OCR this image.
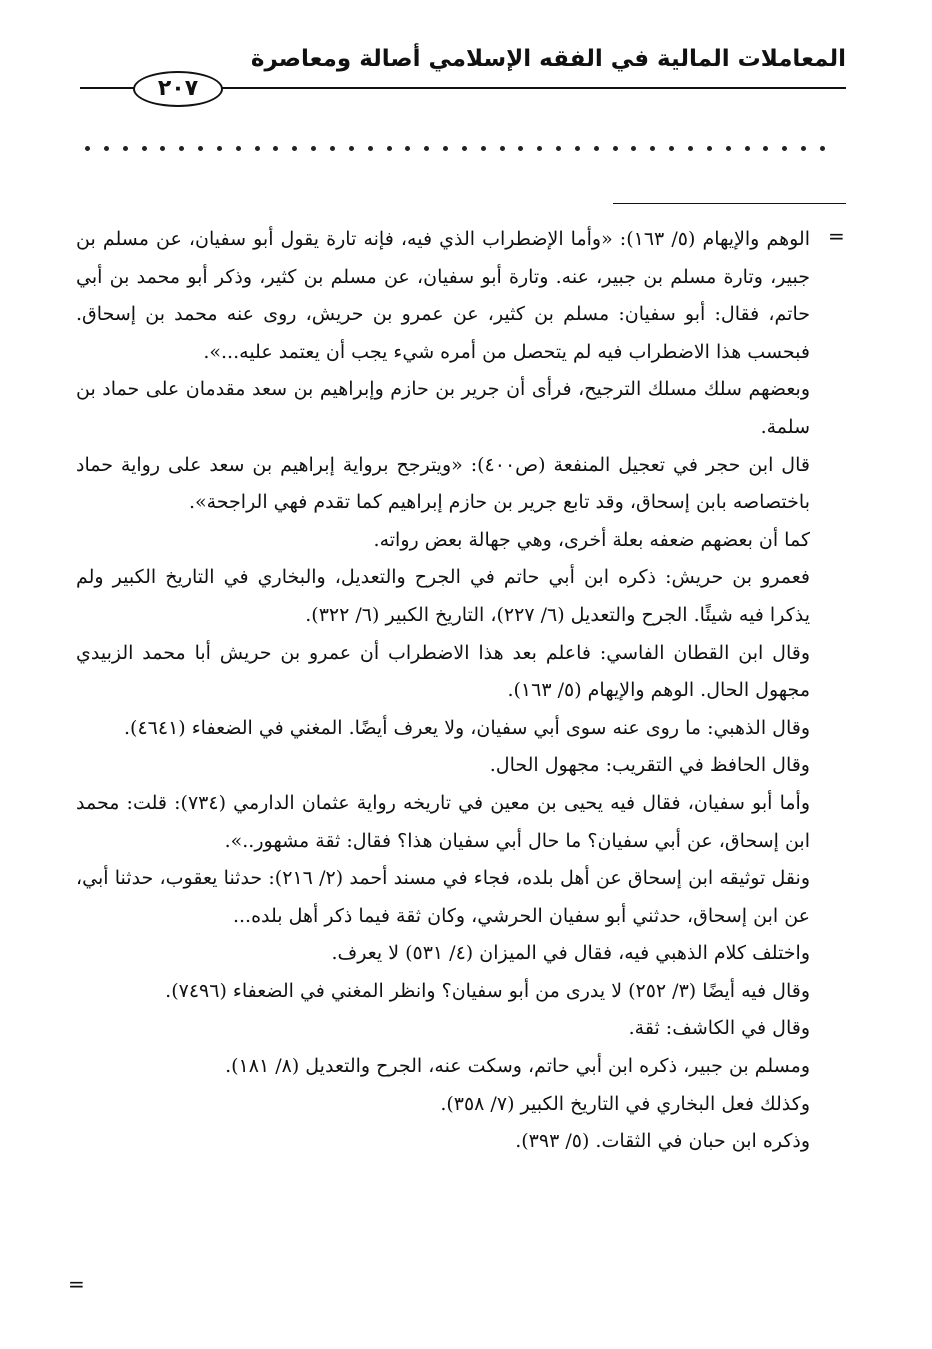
المعاملات المالية في الفقه الإسلامي أصالة ومعاصرة
٢٠٧
=

الوهم والإيهام (٥/ ١٦٣): «وأما الإضطراب الذي فيه، فإنه تارة يقول أبو سفيان، عن مسلم بن جبير، وتارة مسلم بن جبير، عنه. وتارة أبو سفيان، عن مسلم بن كثير، وذكر أبو محمد بن أبي حاتم، فقال: أبو سفيان: مسلم بن كثير، عن عمرو بن حريش، روى عنه محمد بن إسحاق. فبحسب هذا الاضطراب فيه لم يتحصل من أمره شيء يجب أن يعتمد عليه...».

وبعضهم سلك مسلك الترجيح، فرأى أن جرير بن حازم وإبراهيم بن سعد مقدمان على حماد بن سلمة.

قال ابن حجر في تعجيل المنفعة (ص٤٠٠): «ويترجح برواية إبراهيم بن سعد على رواية حماد باختصاصه بابن إسحاق، وقد تابع جرير بن حازم إبراهيم كما تقدم فهي الراجحة».

كما أن بعضهم ضعفه بعلة أخرى، وهي جهالة بعض رواته.

فعمرو بن حريش: ذكره ابن أبي حاتم في الجرح والتعديل، والبخاري في التاريخ الكبير ولم يذكرا فيه شيئًا. الجرح والتعديل (٦/ ٢٢٧)، التاريخ الكبير (٦/ ٣٢٢).

وقال ابن القطان الفاسي: فاعلم بعد هذا الاضطراب أن عمرو بن حريش أبا محمد الزبيدي مجهول الحال. الوهم والإيهام (٥/ ١٦٣).

وقال الذهبي: ما روى عنه سوى أبي سفيان، ولا يعرف أيضًا. المغني في الضعفاء (٤٦٤١).

وقال الحافظ في التقريب: مجهول الحال.

وأما أبو سفيان، فقال فيه يحيى بن معين في تاريخه رواية عثمان الدارمي (٧٣٤): قلت: محمد ابن إسحاق، عن أبي سفيان؟ ما حال أبي سفيان هذا؟ فقال: ثقة مشهور..».

ونقل توثيقه ابن إسحاق عن أهل بلده، فجاء في مسند أحمد (٢/ ٢١٦): حدثنا يعقوب، حدثنا أبي، عن ابن إسحاق، حدثني أبو سفيان الحرشي، وكان ثقة فيما ذكر أهل بلده...

واختلف كلام الذهبي فيه، فقال في الميزان (٤/ ٥٣١) لا يعرف.

وقال فيه أيضًا (٣/ ٢٥٢) لا يدرى من أبو سفيان؟ وانظر المغني في الضعفاء (٧٤٩٦).

وقال في الكاشف: ثقة.

ومسلم بن جبير، ذكره ابن أبي حاتم، وسكت عنه، الجرح والتعديل (٨/ ١٨١).

وكذلك فعل البخاري في التاريخ الكبير (٧/ ٣٥٨).

وذكره ابن حبان في الثقات. (٥/ ٣٩٣).

=
